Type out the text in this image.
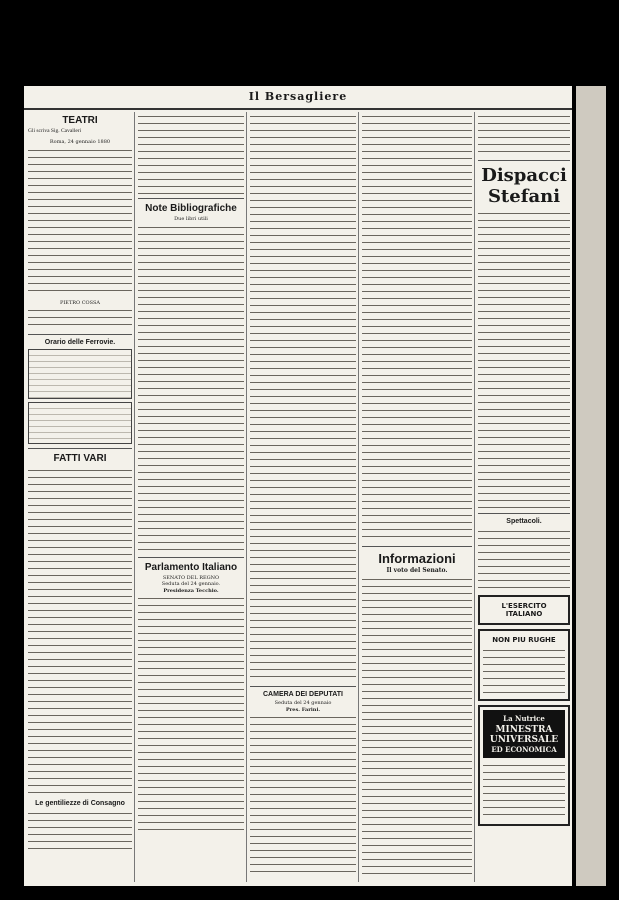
Il Bersagliere
TEATRI
Gli scriva Sig. Cavalleri
Roma, 24 gennaio 1880
PIETRO COSSA
Orario delle Ferrovie.
FATTI VARI
Le gentiliezze di Consagno
Note Bibliografiche
Due libri utili
Parlamento Italiano
SENATO DEL REGNO
Seduta del 24 gennaio.
Presidenza Tecchio.
CAMERA DEI DEPUTATI
Seduta del 24 gennaio
Pres. Farini.
Informazioni
Il voto del Senato.
Dispacci Stefani
Spettacoli.
L'ESERCITO ITALIANO
NON PIU RUGHE
La Nutrice
MINESTRA UNIVERSALE
ED ECONOMICA
